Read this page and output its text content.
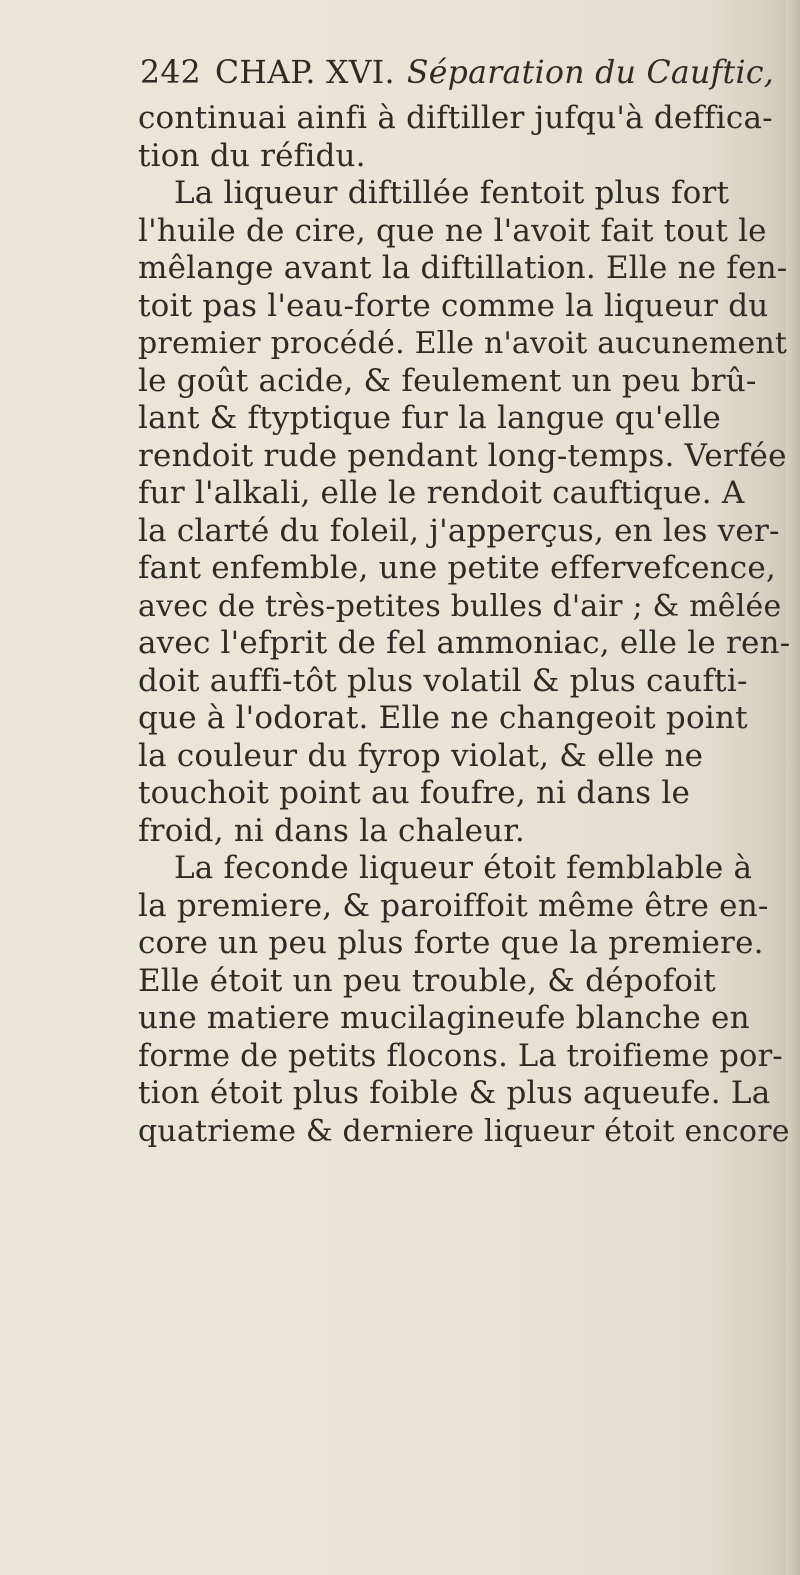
242 CHAP. XVI. Séparation du Cauftic,
continuai ainfi à diftiller jufqu'à deffica-
tion du réfidu.
La liqueur diftillée fentoit plus fort
l'huile de cire, que ne l'avoit fait tout le
mêlange avant la diftillation. Elle ne fen-
toit pas l'eau-forte comme la liqueur du
premier procédé. Elle n'avoit aucunement
le goût acide, & feulement un peu brû-
lant & ftyptique fur la langue qu'elle
rendoit rude pendant long-temps. Verfée
fur l'alkali, elle le rendoit cauftique. A
la clarté du foleil, j'apperçus, en les ver-
fant enfemble, une petite effervefcence,
avec de très-petites bulles d'air ; & mêlée
avec l'efprit de fel ammoniac, elle le ren-
doit auffi-tôt plus volatil & plus caufti-
que à l'odorat. Elle ne changeoit point
la couleur du fyrop violat, & elle ne
touchoit point au foufre, ni dans le
froid, ni dans la chaleur.
La feconde liqueur étoit femblable à
la premiere, & paroiffoit même être en-
core un peu plus forte que la premiere.
Elle étoit un peu trouble, & dépofoit
une matiere mucilagineufe blanche en
forme de petits flocons. La troifieme por-
tion étoit plus foible & plus aqueufe. La
quatrieme & derniere liqueur étoit encore
